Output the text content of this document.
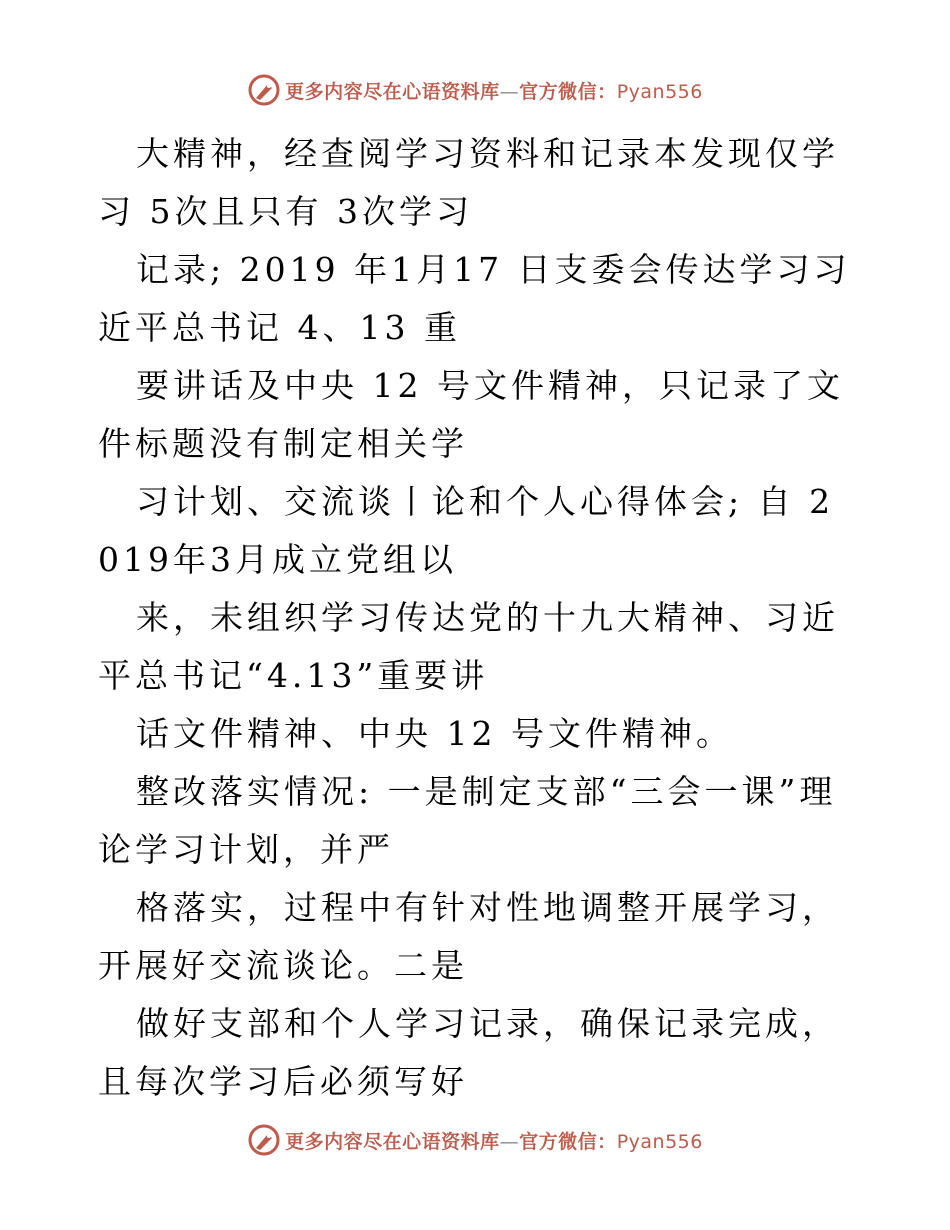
更多内容尽在心语资料库—官方微信：Pyan556

大精神，经查阅学习资料和记录本发现仅学习 5次且只有 3次学习

记录; 2019 年1月17 日支委会传达学习习近平总书记 4、13 重

要讲话及中央 12 号文件精神，只记录了文件标题没有制定相关学

习计划、交流谈丨论和个人心得体会; 自 2019年3月成立党组以

来，未组织学习传达党的十九大精神、习近平总书记“4.13”重要讲

话文件精神、中央 12 号文件精神。

整改落实情况: 一是制定支部“三会一课”理论学习计划，并严

格落实，过程中有针对性地调整开展学习，开展好交流谈论。二是

做好支部和个人学习记录，确保记录完成，且每次学习后必须写好

更多内容尽在心语资料库—官方微信：Pyan556
